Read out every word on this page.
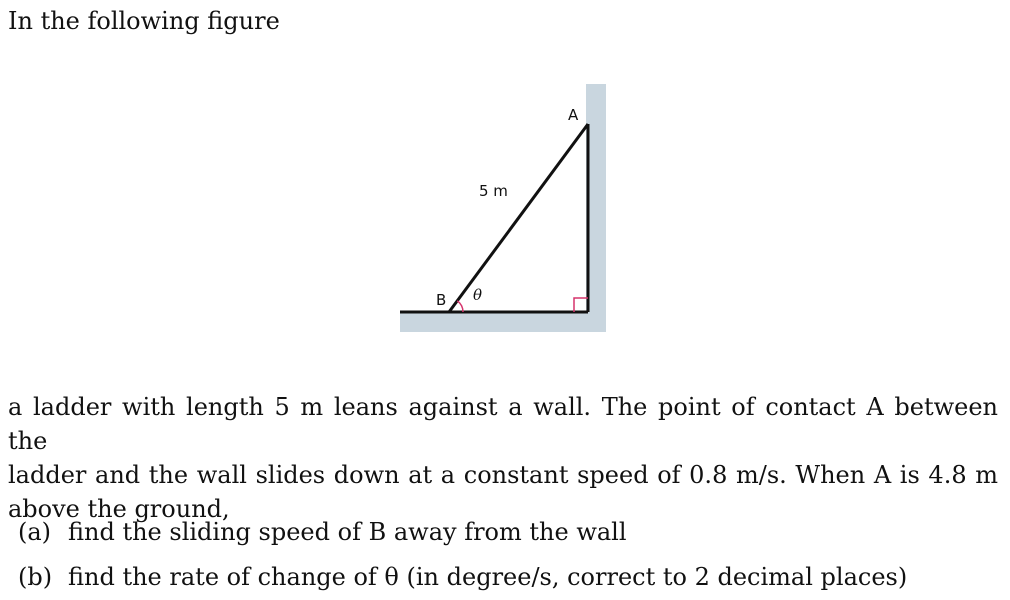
In the following figure
A
B
5 m
θ
a ladder with length 5 m leans against a wall. The point of contact A between the
ladder and the wall slides down at a constant speed of 0.8 m/s. When A is 4.8 m
above the ground,
(a) find the sliding speed of B away from the wall
(b) find the rate of change of θ (in degree/s, correct to 2 decimal places)
